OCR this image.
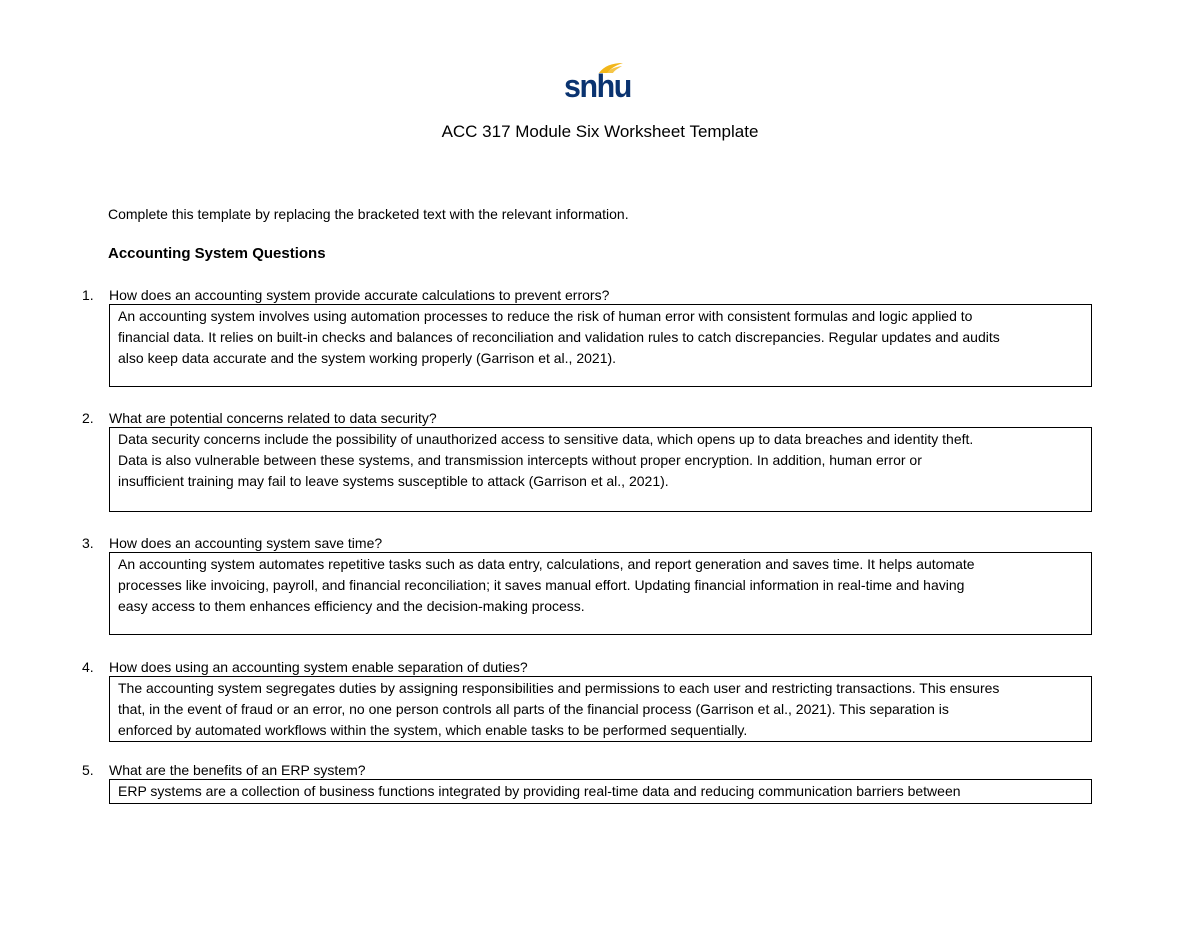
snhu
ACC 317 Module Six Worksheet Template
Complete this template by replacing the bracketed text with the relevant information.
Accounting System Questions
1. How does an accounting system provide accurate calculations to prevent errors?
An accounting system involves using automation processes to reduce the risk of human error with consistent formulas and logic applied to
financial data. It relies on built-in checks and balances of reconciliation and validation rules to catch discrepancies. Regular updates and audits
also keep data accurate and the system working properly (Garrison et al., 2021).
2. What are potential concerns related to data security?
Data security concerns include the possibility of unauthorized access to sensitive data, which opens up to data breaches and identity theft.
Data is also vulnerable between these systems, and transmission intercepts without proper encryption. In addition, human error or
insufficient training may fail to leave systems susceptible to attack (Garrison et al., 2021).
3. How does an accounting system save time?
An accounting system automates repetitive tasks such as data entry, calculations, and report generation and saves time. It helps automate
processes like invoicing, payroll, and financial reconciliation; it saves manual effort. Updating financial information in real-time and having
easy access to them enhances efficiency and the decision-making process.
4. How does using an accounting system enable separation of duties?
The accounting system segregates duties by assigning responsibilities and permissions to each user and restricting transactions. This ensures
that, in the event of fraud or an error, no one person controls all parts of the financial process (Garrison et al., 2021). This separation is
enforced by automated workflows within the system, which enable tasks to be performed sequentially.
5. What are the benefits of an ERP system?
ERP systems are a collection of business functions integrated by providing real-time data and reducing communication barriers between
